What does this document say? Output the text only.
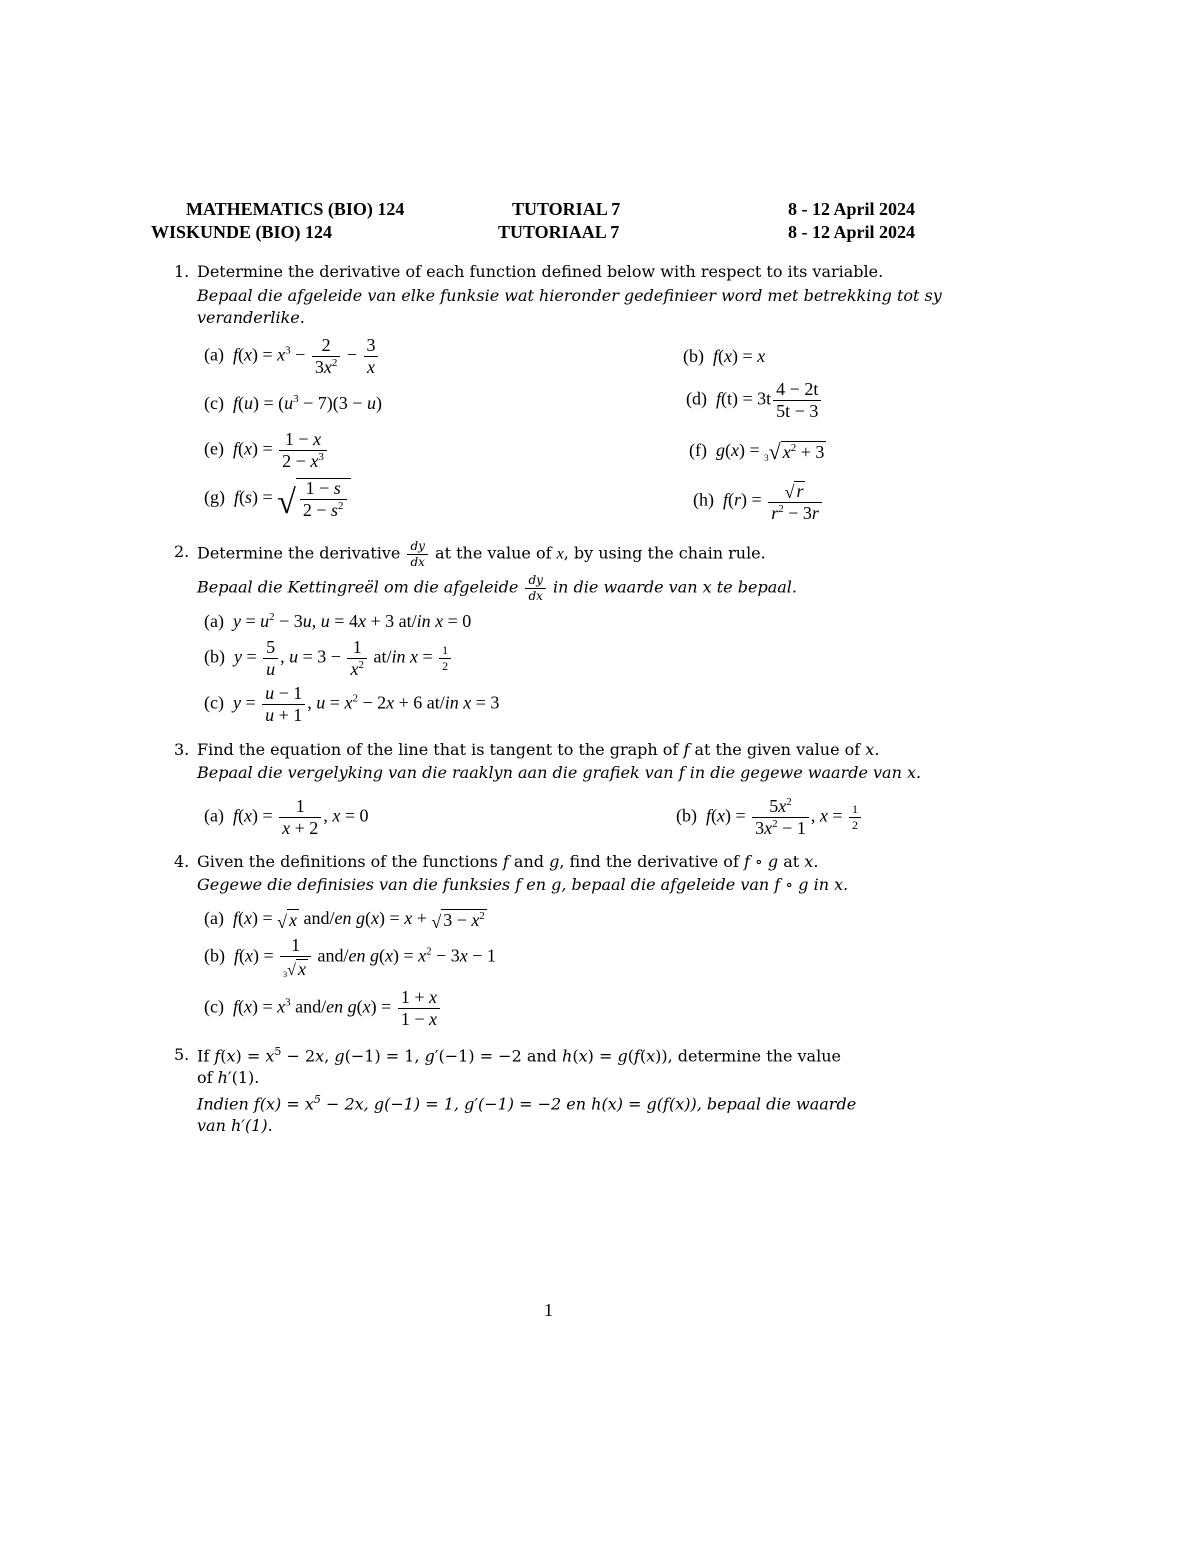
MATHEMATICS (BIO) 124
WISKUNDE (BIO) 124
TUTORIAL 7
TUTORIAAL 7
8 - 12 April 2024
8 - 12 April 2024
1. Determine the derivative of each function defined below with respect to its variable.
Bepaal die afgeleide van elke funksie wat hieronder gedefinieer word met betrekking tot sy
veranderlike.
(a) $f(x) = x^3 - \frac{2}{3x^2} - \frac{3}{x}$	(b) f(x) = x
(c) $f(u) = (u^3 - 7)(3 - u)$	(d) $f(t) = 3t \frac{4 - 2t}{5t - 3}$
(e) $f(x) = \frac{1 - x}{2 - x^3}$	(f) g(x) = 3 √ $x^2 + 3$
(g) f(s) = √ $\frac{1 - s}{2 - s^2}$	(h) $f(r) = \frac{√ r}{r^2 - 3r}$
2. Determine the derivative $\frac{dy}{dx}$ at the value of x, by using the chain rule.
Bepaal die Kettingreël om die afgeleide $\frac{dy}{dx}$ in die waarde van x te bepaal.
(a) $y = u^2 - 3u$, u = 4x + 3 at/in x = 0
(b) $y = \frac{5}{u}$ , $u = 3 - \frac{1}{x^2} at/in$ $x = \frac{1}{2}$
(c) $y = \frac{u - 1}{u + 1}$ , $u = x^2 - 2x + 6$ at/in x = 3
3. Find the equation of the line that is tangent to the graph of f at the given value of x.
Bepaal die vergelyking van die raaklyn aan die grafiek van f in die gegewe waarde van x.
(a) $f(x) = \frac{1}{x + 2}$ , x = 0	(b) $f(x) = \frac{5x^2}{3x^2 - 1}$ , $x = \frac{1}{2}$
4. Given the definitions of the functions f and g, find the derivative of f ∘ g at x.
Gegewe die definisies van die funksies f en g, bepaal die afgeleide van f ∘ g in x.
(a) f(x) = √ x and/en g(x) = x + √ $3 - x^2$
(b) $f(x) = \frac{1}{3 √ x} and/en$ $g(x) = x^2 - 3x - 1$
(c) $f(x) = x^3$ and/en $g(x) = \frac{1 + x}{1 - x}$
5. If $f(x) = x^5 - 2x$, g(−1) = 1, g′(−1) = −2 and h(x) = g(f(x)), determine the value
of h′(1).
Indien $f(x) = x^5 - 2x$, g(−1) = 1, g′(−1) = −2 en h(x) = g(f(x)), bepaal die waarde
van h′(1).
1
